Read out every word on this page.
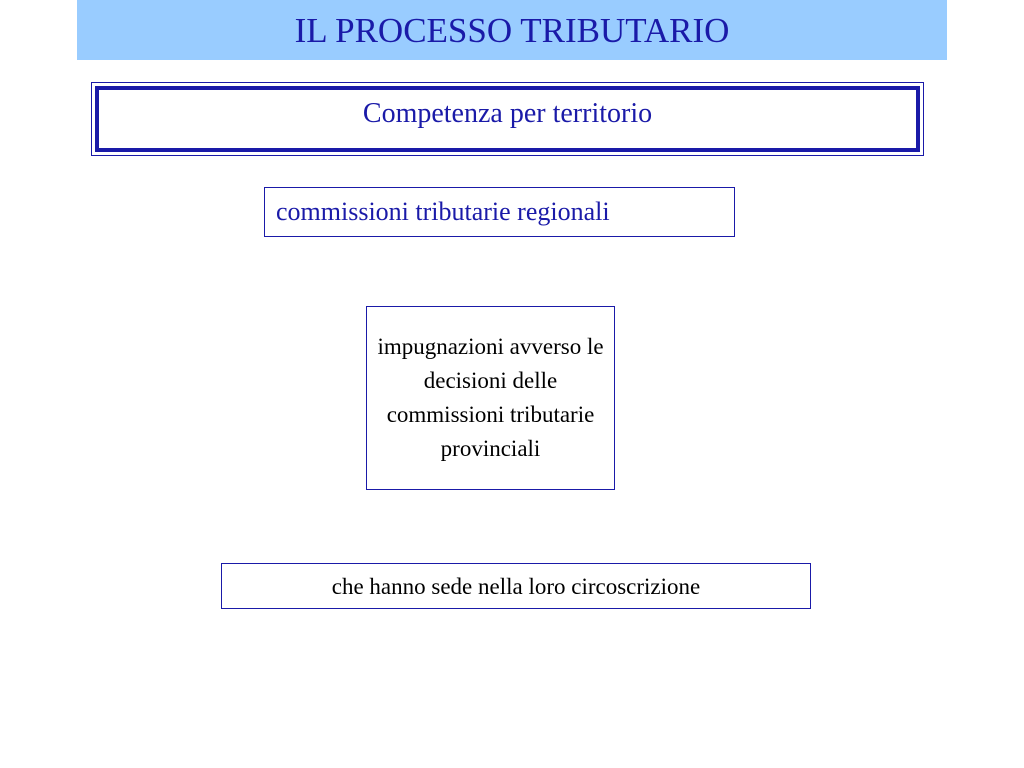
IL PROCESSO TRIBUTARIO
Competenza per territorio
commissioni tributarie regionali
impugnazioni avverso le decisioni delle commissioni tributarie provinciali
che hanno sede nella loro circoscrizione
